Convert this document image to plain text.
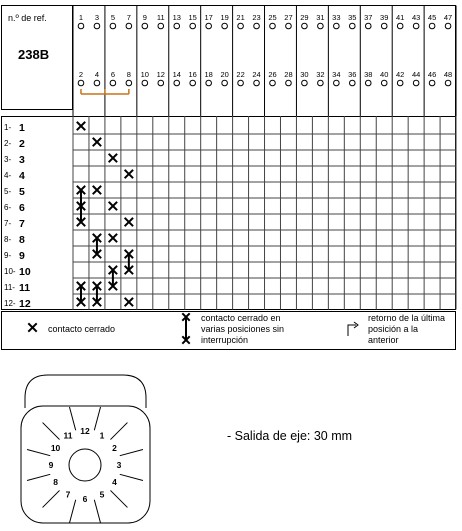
n.º de ref.
238B
1
2
3
4
5
6
7
8
9
10
11
12
13
14
15
16
17
18
19
20
21
22
23
24
25
26
27
28
29
30
31
32
33
34
35
36
37
38
39
40
41
42
43
44
45
46
47
48
1- 1
2- 2
3- 3
4- 4
5- 5
6- 6
7- 7
8- 8
9- 9
10- 10
11- 11
12- 12
contacto cerrado
contacto cerrado en
varias posiciones sin
interrupción
retorno de la última
posición a la
anterior
12 1
2
3
4
5
6
7
8
9
10
11	- Salida de eje: 30 mm
